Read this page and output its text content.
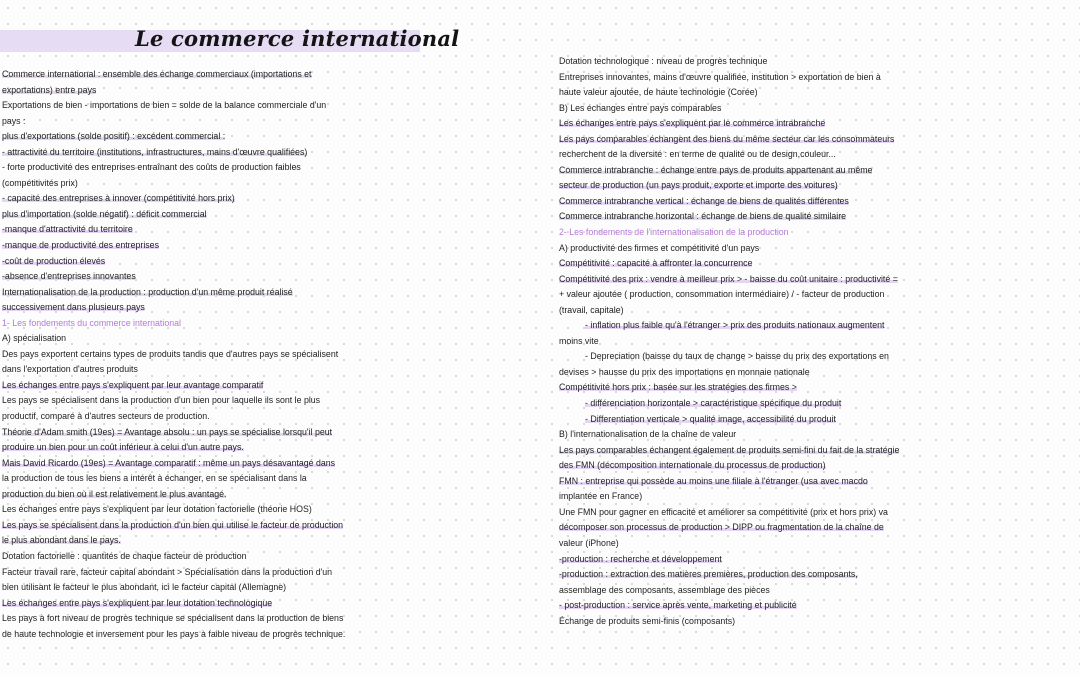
Le commerce international
Commerce international : ensemble des échange commerciaux (importations et
exportations) entre pays
Exportations de bien - importations de bien = solde de la balance commerciale d'un
pays :
plus d'exportations (solde positif) : excédent commercial :
- attractivité du territoire (institutions, infrastructures, mains d'œuvre qualifiées)
- forte productivité des entreprises entraînant des coûts de production faibles
(compétitivités prix)
- capacité des entreprises à innover (compétitivité hors prix)
plus d'importation (solde négatif) : déficit commercial
-manque d'attractivité du territoire
-manque de productivité des entreprises
-coût de production élevés
-absence d'entreprises innovantes
Internationalisation de la production : production d'un même produit réalisé
successivement dans plusieurs pays
1- Les fondements du commerce international
A) spécialisation
Des pays exportent certains types de produits tandis que d'autres pays se spécialisent
dans l'exportation d'autres produits
Les échanges entre pays s'expliquent par leur avantage comparatif
Les pays se spécialisent dans la production d'un bien pour laquelle ils sont le plus
productif, comparé à d'autres secteurs de production.
Théorie d'Adam smith (19es) = Avantage absolu : un pays se spécialise lorsqu'il peut
produire un bien pour un coût inférieur à celui d'un autre pays.
Mais David Ricardo (19es) = Avantage comparatif : même un pays désavantagé dans
la production de tous les biens a intérêt à échanger, en se spécialisant dans la
production du bien où il est relativement le plus avantagé.
Les échanges entre pays s'expliquent par leur dotation factorielle (théorie HOS)
Les pays se spécialisent dans la production d'un bien qui utilise le facteur de production
le plus abondant dans le pays.
Dotation factorielle : quantités de chaque facteur de production
Facteur travail rare, facteur capital abondant > Spécialisation dans la production d'un
bien utilisant le facteur le plus abondant, ici le facteur capital (Allemagne)
Les échanges entre pays s'expliquent par leur dotation technologique
Les pays à fort niveau de progrès technique se spécialisent dans la production de biens
de haute technologie et inversement pour les pays à faible niveau de progrès technique.
Dotation technologique : niveau de progrès technique
Entreprises innovantes, mains d'œuvre qualifiée, institution > exportation de bien à
haute valeur ajoutée, de haute technologie (Corée)
B) Les échanges entre pays comparables
Les échanges entre pays s'expliquent par le commerce intrabranche
Les pays comparables échangent des biens du même secteur car les consommateurs
recherchent de la diversité : en terme de qualité ou de design,couleur...
Commerce intrabranche : échange entre pays de produits appartenant au même
secteur de production (un pays produit, exporte et importe des voitures)
Commerce intrabranche vertical : échange de biens de qualités différentes
Commerce intrabranche horizontal : échange de biens de qualité similaire
2- Les fondements de l'internationalisation de la production
A) productivité des firmes et compétitivité d'un pays
Compétitivité : capacité à affronter la concurrence
Compétitivité des prix : vendre à meilleur prix > - baisse du coût unitaire : productivité =
+ valeur ajoutée ( production, consommation intermédiaire) / - facteur de production
(travail, capitale)
- inflation plus faible qu'à l'étranger > prix des produits nationaux augmentent
moins vite
- Depreciation (baisse du taux de change > baisse du prix des exportations en
devises > hausse du prix des importations en monnaie nationale
Compétitivité hors prix : basée sur les stratégies des firmes >
- différenciation horizontale > caractéristique spécifique du produit
- Differentiation verticale > qualité image, accessibilité du produit
B) l'internationalisation de la chaîne de valeur
Les pays comparables échangent également de produits semi-fini du fait de la stratégie
des FMN (décomposition internationale du processus de production)
FMN : entreprise qui possède au moins une filiale à l'étranger (usa avec macdo
implantée en France)
Une FMN pour gagner en efficacité et améliorer sa compétitivité (prix et hors prix) va
décomposer son processus de production > DIPP ou fragmentation de la chaîne de
valeur (iPhone)
-production : recherche et développement
-production : extraction des matières premières, production des composants,
assemblage des composants, assemblage des pièces
- post-production : service après vente, marketing et publicité
Échange de produits semi-finis (composants)
